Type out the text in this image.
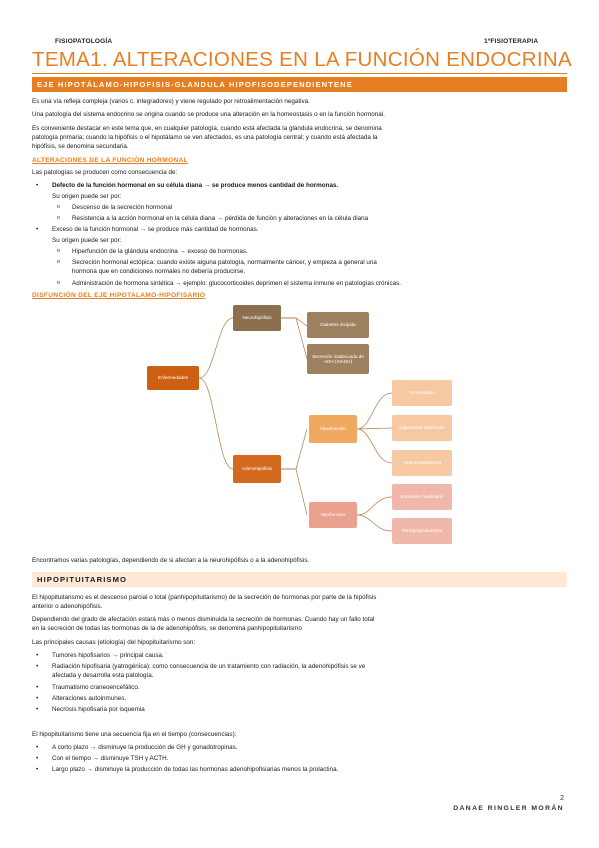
FISIOPATOLOGÍA	1ºFISIOTERAPIA
TEMA1. ALTERACIONES EN LA FUNCIÓN ENDOCRINA
EJE HIPOTÁLAMO-HIPOFISIS-GLANDULA HIPOFISODEPENDIENTENE
Es una vía refleja compleja (varios c. integradores) y viene regulado por retroalimentación negativa.
Una patología del sistema endocrino se origina cuando se produce una alteración en la homeostasis o en la función hormonal.
Es conveniente destacar en este tema que, en cualquier patología, cuando está afectada la glándula endocrina, se denomina
patología primaria; cuando la hipófisis o el hipotálamo se ven afectados, es una patología central; y cuando está afectada la
hipófisis, se denomina secundaria.
ALTERACIONES DE LA FUNCIÓN HORMONAL
Las patologías se producen como consecuencia de:
• Defecto de la función hormonal en su célula diana → se produce menos cantidad de hormonas.
Su origen puede ser por:
o Descenso de la secreción hormonal
o Resistencia a la acción hormonal en la célula diana → pérdida de función y alteraciones en la célula diana
• Exceso de la función hormonal → se produce más cantidad de hormonas.
Su origen puede ser por:
o Hiperfunción de la glándula endocrina → exceso de hormonas.
o Secreción hormonal ectópica: cuando existe alguna patología, normalmente cáncer, y empieza a general una
hormona que en condiciones normales no debería producirse.
o Administración de hormona sintética → ejemplo: glucocorticoides deprimen el sistema inmune en patologías crónicas.
DISFUNCIÓN DEL EJE HIPOTALAMO-HIPOFISARIO
Enfermedades
Neurohipófisis
Diabetes insípida
Secreción inadecuada de ADH (SIADH)
Adenohipófisis
Hiperfunción
Acromegalia
Gigantismo hipofisario
Hiperprolactinemia
Hipofunción
Enanismo hipofisario
Panhipopituitarismo
Encontramos varias patologías, dependiendo de si afectan a la neurohipófisis o a la adenohipófisis.
HIPOPITUITARISMO
El hipopituitarismo es el descenso parcial o total (panhipopituitarismo) de la secreción de hormonas por parte de la hipófisis
anterior o adenohipófisis.
Dependiendo del grado de afectación estará más o menos disminuida la secreción de hormonas. Cuando hay un fallo total
en la secreción de todas las hormonas de la de adenohipófisis, se denomina panhipopituitarismo
Las principales causas (etiología) del hipopituitarismo son:
• Tumores hipofisarios → principal causa.
• Radiación hipofisaria (yatrogénica): como consecuencia de un tratamiento con radiación, la adenohipófisis se ve
afectada y desarrolla esta patología.
• Traumatismo craneoencefálico.
• Alteraciones autoinmunes.
• Necrosis hipofisaria por isquemia
El hipopituitarismo tiene una secuencia fija en el tiempo (consecuencias):
• A corto plazo → disminuye la producción de GH y gonadotropinas.
• Con el tiempo → disminuye TSH y ACTH.
• Largo plazo → disminuye la producción de todas las hormonas adenohipofisiarias menos la prolactina.
2
DANAE RINGLER MORÁN
